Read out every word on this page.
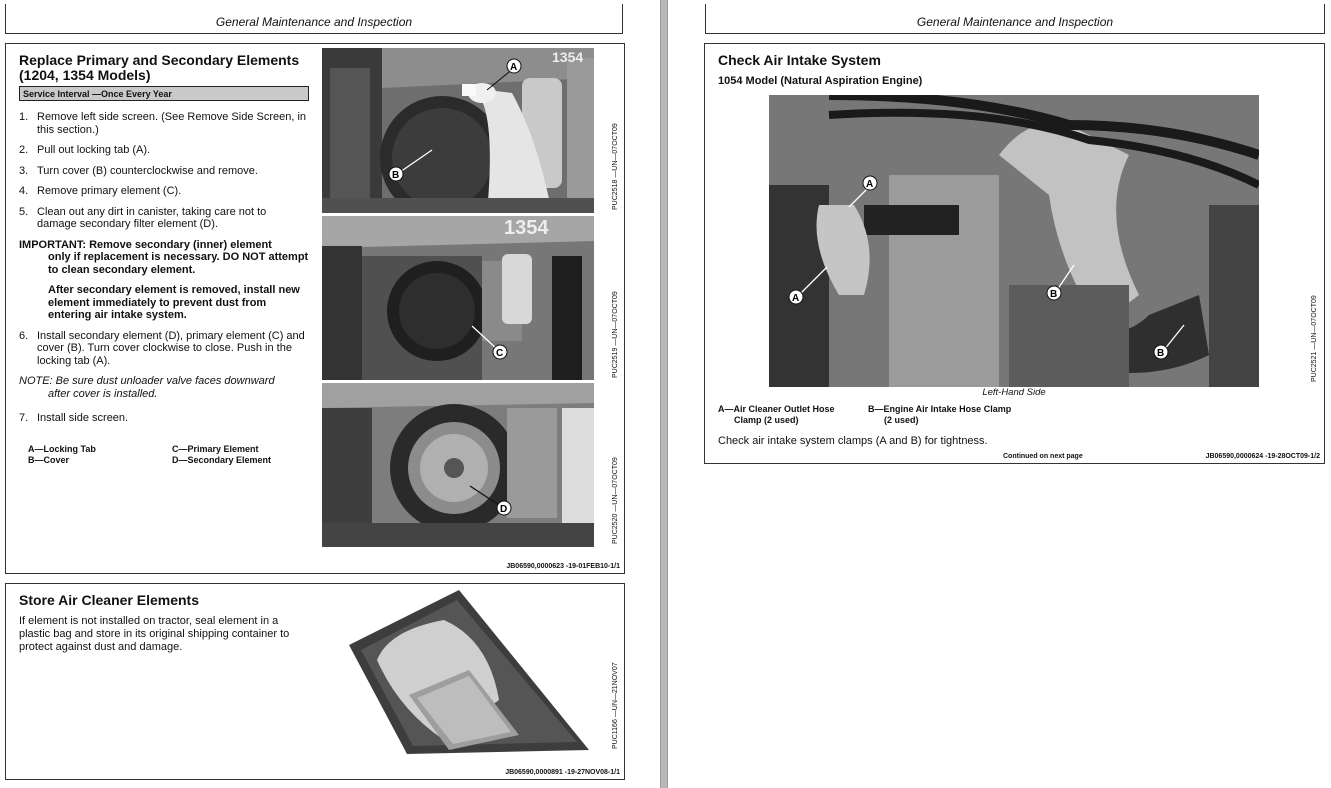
General Maintenance and Inspection
Replace Primary and Secondary Elements (1204, 1354 Models)
Service Interval —Once Every Year
1. Remove left side screen. (See Remove Side Screen, in this section.)
2. Pull out locking tab (A).
3. Turn cover (B) counterclockwise and remove.
4. Remove primary element (C).
5. Clean out any dirt in canister, taking care not to damage secondary filter element (D).
IMPORTANT: Remove secondary (inner) element
only if replacement is necessary. DO NOT attempt to clean secondary element.
After secondary element is removed, install new element immediately to prevent dust from entering air intake system.
6. Install secondary element (D), primary element (C) and cover (B). Turn cover clockwise to close. Push in the locking tab (A).
NOTE: Be sure dust unloader valve faces downward
after cover is installed.
7. Install side screen.
A—Locking Tab	C—Primary Element
B—Cover	D—Secondary Element
1354
PUC2518 —UN—07OCT09
1354
PUC2519 —UN—07OCT09
PUC2520 —UN—07OCT09
A
B
C
D
JB06590,0000623 -19-01FEB10-1/1
Store Air Cleaner Elements
If element is not installed on tractor, seal element in a plastic bag and store in its original shipping container to protect against dust and damage.
PUC1166 —UN—21NOV07
JB06590,0000891 -19-27NOV08-1/1
General Maintenance and Inspection
Check Air Intake System
1054 Model (Natural Aspiration Engine)
A
A	B
B
Left-Hand Side
PUC2521 —UN—07OCT09
A—Air Cleaner Outlet Hose
Clamp (2 used)
B—Engine Air Intake Hose Clamp
(2 used)
Check air intake system clamps (A and B) for tightness.
Continued on next page	JB06590,0000624 -19-28OCT09-1/2
